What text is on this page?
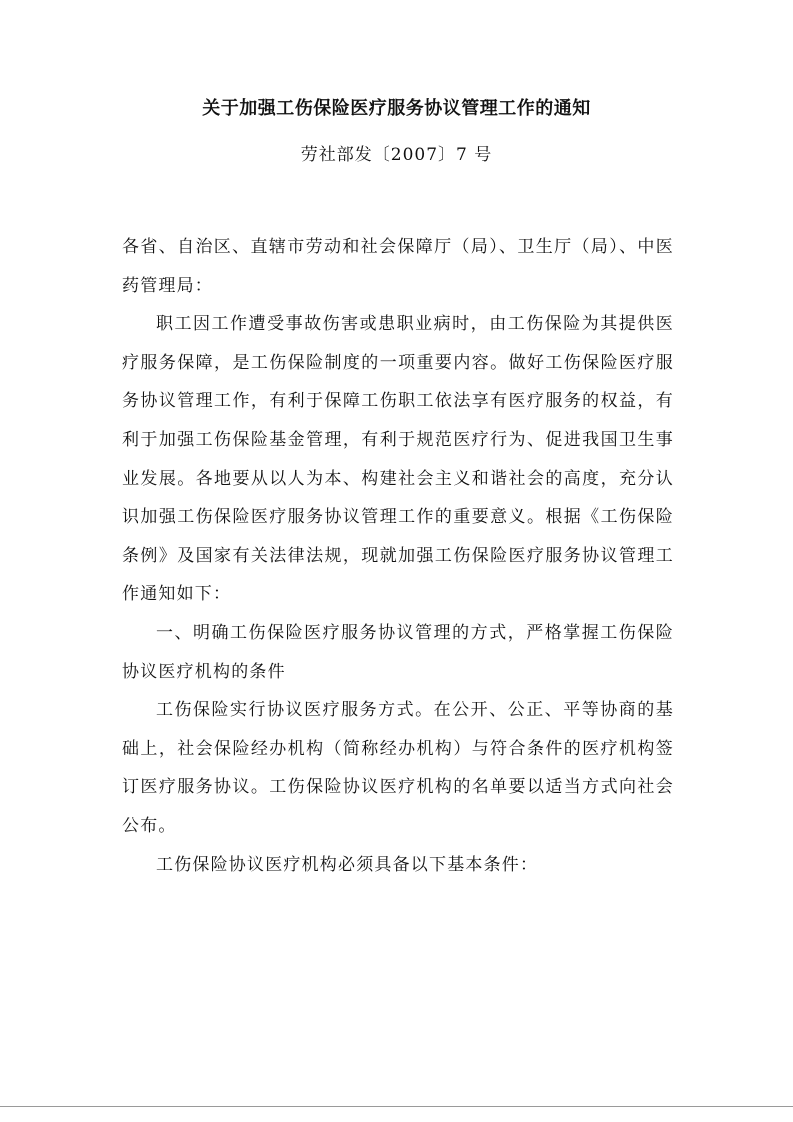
关于加强工伤保险医疗服务协议管理工作的通知
劳社部发〔2007〕7 号

各省、自治区、直辖市劳动和社会保障厅（局）、卫生厅（局）、中医药管理局：

职工因工作遭受事故伤害或患职业病时，由工伤保险为其提供医疗服务保障，是工伤保险制度的一项重要内容。做好工伤保险医疗服务协议管理工作，有利于保障工伤职工依法享有医疗服务的权益，有利于加强工伤保险基金管理，有利于规范医疗行为、促进我国卫生事业发展。各地要从以人为本、构建社会主义和谐社会的高度，充分认识加强工伤保险医疗服务协议管理工作的重要意义。根据《工伤保险条例》及国家有关法律法规，现就加强工伤保险医疗服务协议管理工作通知如下：

一、明确工伤保险医疗服务协议管理的方式，严格掌握工伤保险协议医疗机构的条件

工伤保险实行协议医疗服务方式。在公开、公正、平等协商的基础上，社会保险经办机构（简称经办机构）与符合条件的医疗机构签订医疗服务协议。工伤保险协议医疗机构的名单要以适当方式向社会公布。

工伤保险协议医疗机构必须具备以下基本条件：
